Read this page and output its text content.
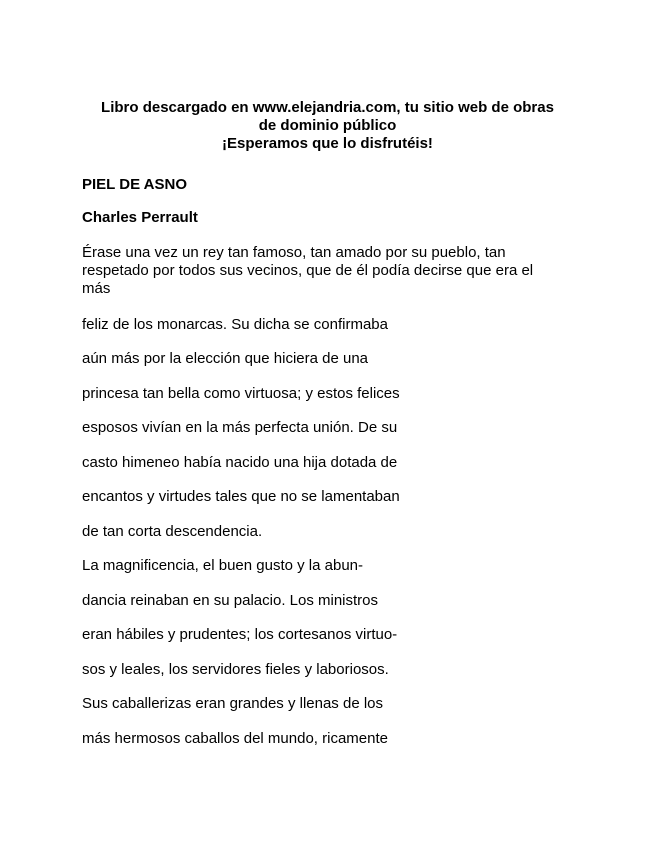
Libro descargado en www.elejandria.com, tu sitio web de obras
de dominio público
¡Esperamos que lo disfrutéis!
PIEL DE ASNO
Charles Perrault
Érase una vez un rey tan famoso, tan amado por su pueblo, tan
respetado por todos sus vecinos, que de él podía decirse que era el
más
feliz de los monarcas. Su dicha se confirmaba
aún más por la elección que hiciera de una
princesa tan bella como virtuosa; y estos felices
esposos vivían en la más perfecta unión. De su
casto himeneo había nacido una hija dotada de
encantos y virtudes tales que no se lamentaban
de tan corta descendencia.
La magnificencia, el buen gusto y la abun-
dancia reinaban en su palacio. Los ministros
eran hábiles y prudentes; los cortesanos virtuo-
sos y leales, los servidores fieles y laboriosos.
Sus caballerizas eran grandes y llenas de los
más hermosos caballos del mundo, ricamente
